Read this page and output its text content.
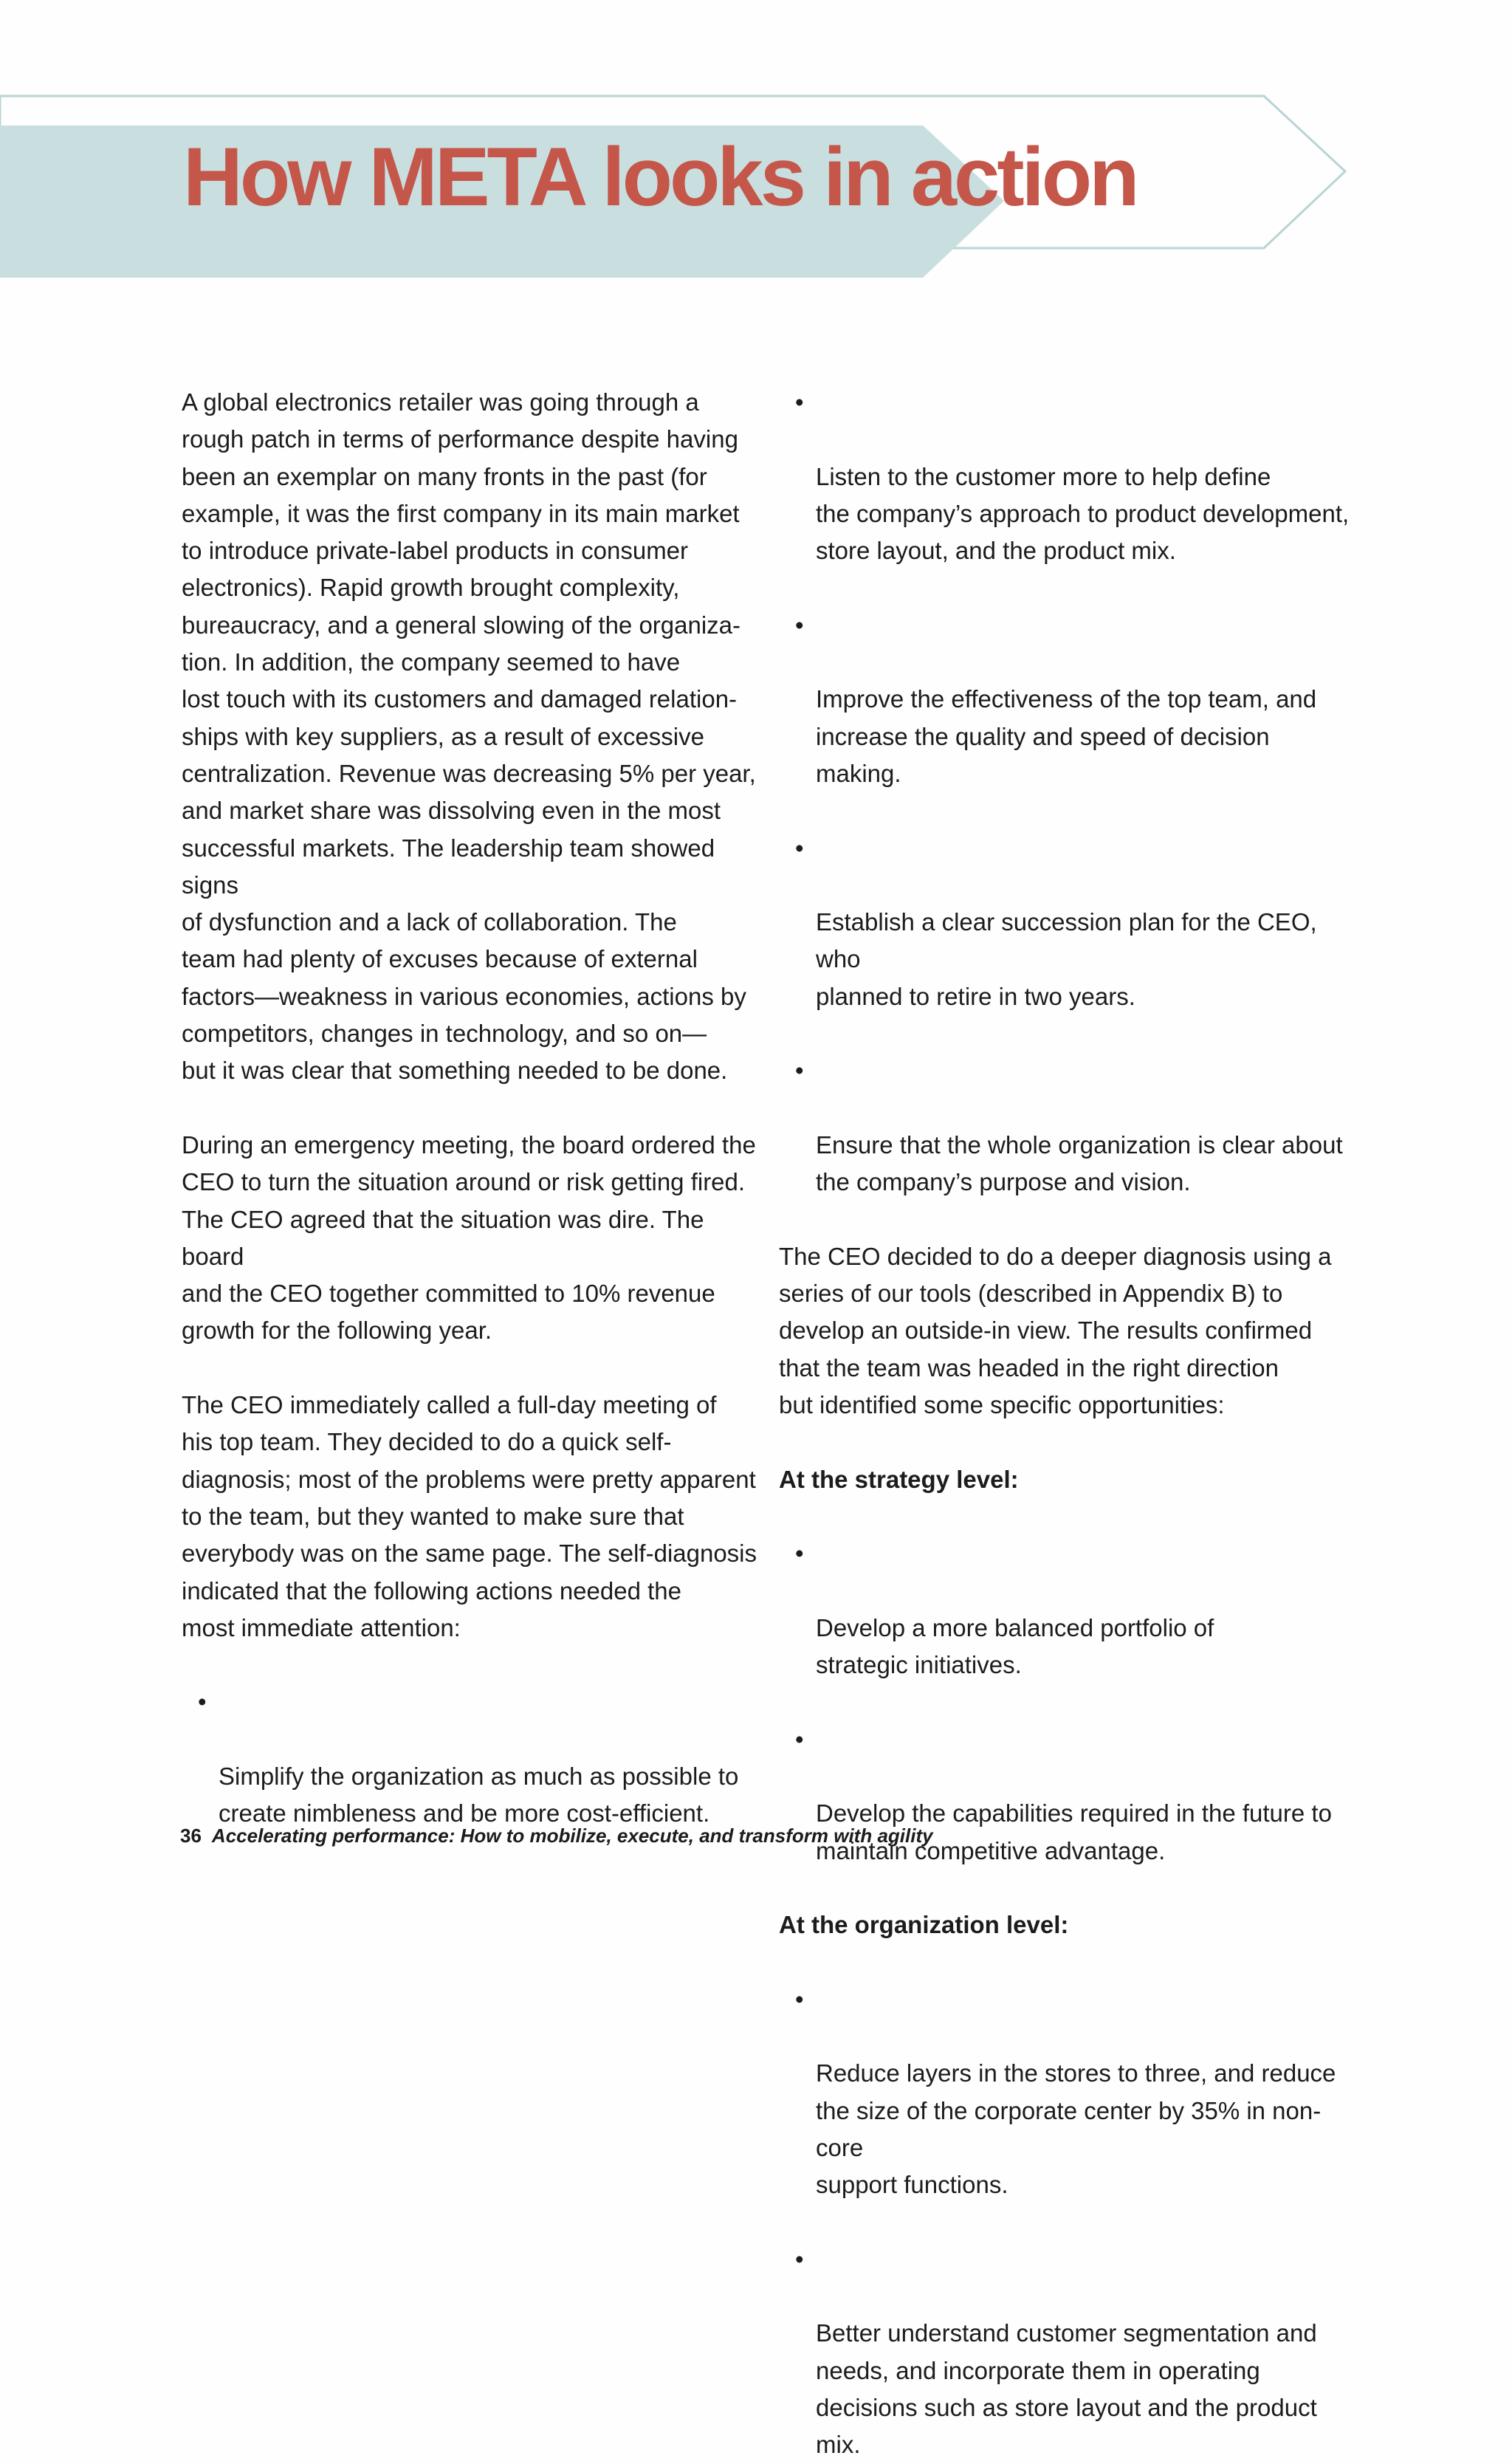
How META looks in action

A global electronics retailer was going through a
rough patch in terms of performance despite having
been an exemplar on many fronts in the past (for
example, it was the first company in its main market
to introduce private-label products in consumer
electronics). Rapid growth brought complexity,
bureaucracy, and a general slowing of the organiza-
tion. In addition, the company seemed to have
lost touch with its customers and damaged relation-
ships with key suppliers, as a result of excessive
centralization. Revenue was decreasing 5% per year,
and market share was dissolving even in the most
successful markets. The leadership team showed signs
of dysfunction and a lack of collaboration. The
team had plenty of excuses because of external
factors—weakness in various economies, actions by
competitors, changes in technology, and so on—
but it was clear that something needed to be done.

During an emergency meeting, the board ordered the
CEO to turn the situation around or risk getting fired.
The CEO agreed that the situation was dire. The board
and the CEO together committed to 10% revenue
growth for the following year.

The CEO immediately called a full-day meeting of
his top team. They decided to do a quick self-
diagnosis; most of the problems were pretty apparent
to the team, but they wanted to make sure that
everybody was on the same page. The self-diagnosis
indicated that the following actions needed the
most immediate attention:

•

Simplify the organization as much as possible to
create nimbleness and be more cost-efficient.

•

Listen to the customer more to help define
the company’s approach to product development,
store layout, and the product mix.

•

Improve the effectiveness of the top team, and
increase the quality and speed of decision making.

•

Establish a clear succession plan for the CEO, who
planned to retire in two years.

•

Ensure that the whole organization is clear about
the company’s purpose and vision.

The CEO decided to do a deeper diagnosis using a
series of our tools (described in Appendix B) to
develop an outside-in view. The results confirmed
that the team was headed in the right direction
but identified some specific opportunities:

At the strategy level:

•

Develop a more balanced portfolio of
strategic initiatives.

•

Develop the capabilities required in the future to
maintain competitive advantage.

At the organization level:

•

Reduce layers in the stores to three, and reduce
the size of the corporate center by 35% in non-core
support functions.

•

Better understand customer segmentation and
needs, and incorporate them in operating
decisions such as store layout and the product mix.

36 Accelerating performance: How to mobilize, execute, and transform with agility
